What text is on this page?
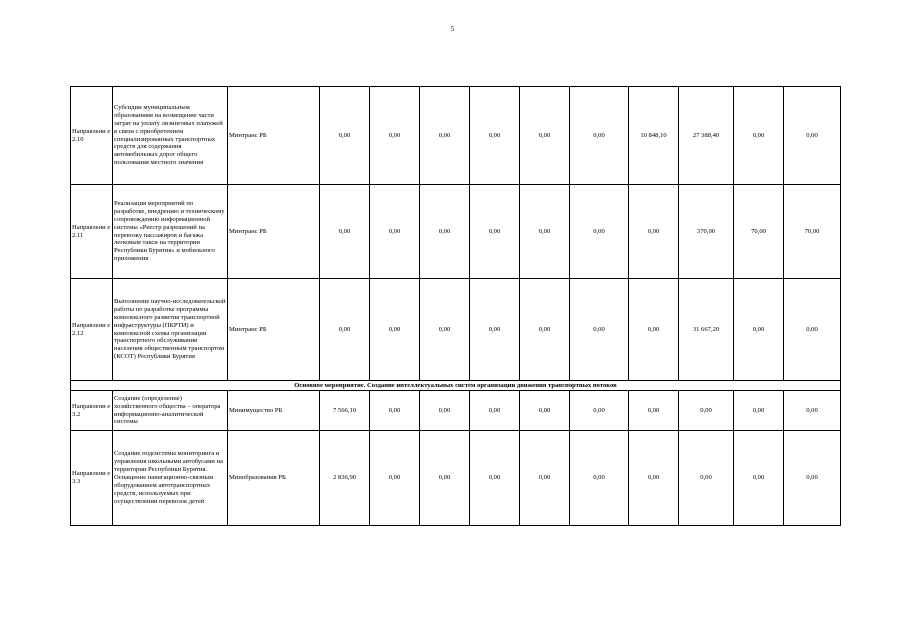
5
Направлени е 2.10	Субсидии муниципальным образованиям на возмещение части затрат на уплату лизинговых платежей в связи с приобретением специализированных транспортных средств для содержания автомобильных дорог общего пользования местного значения	Минтранс РБ	0,00	0,00	0,00	0,00	0,00	0,00	10 848,10	27 388,40	0,00	0,00
Направлени е 2.11	Реализация мероприятий по разработке, внедрению и техническому сопровождению информационной системы «Реестр разрешений на перевозку пассажиров и багажа легковым такси на территории Республики Бурятия» и мобильного приложения	Минтранс РБ	0,00	0,00	0,00	0,00	0,00	0,00	0,00	370,00	70,00	70,00
Направлени е 2.12	Выполнение научно-исследовательской работы по разработке программы комплексного развития транспортной инфраструктуры (ПКРТИ) и комплексной схемы организации транспортного обслуживания населения общественным транспортом (КСОТ) Республики Бурятия	Минтранс РБ	0,00	0,00	0,00	0,00	0,00	0,00	0,00	31 667,20	0,00	0,00
Основное мероприятие. Создание интеллектуальных систем организации движения транспортных потоков												
Направлени е 3.2	Создание (определение) хозяйственного общества – оператора информационно-аналитической системы	Минимущество РБ	7 566,10	0,00	0,00	0,00	0,00	0,00	0,00	0,00	0,00	0,00
Направлени е 3.3	Создание подсистемы мониторинга и управления школьными автобусами на территории Республики Бурятия. Оснащение навигационно-связным оборудованием автотранспортных средств, используемых при осуществлении перевозок детей	Минобразования РБ	2 836,90	0,00	0,00	0,00	0,00	0,00	0,00	0,00	0,00	0,00
